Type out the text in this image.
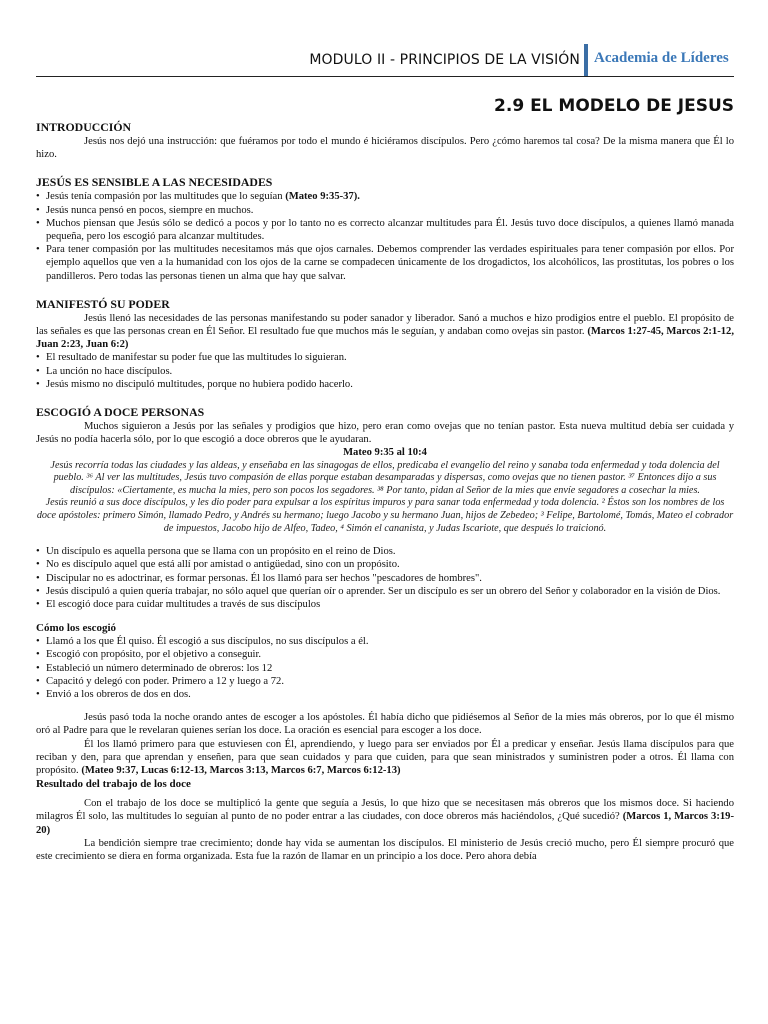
MODULO II - PRINCIPIOS DE LA VISIÓN Academia de Líderes
2.9 EL MODELO DE JESUS
INTRODUCCIÓN

Jesús nos dejó una instrucción: que fuéramos por todo el mundo é hiciéramos discípulos. Pero ¿cómo haremos tal cosa? De la misma manera que Él lo hizo.

JESÚS ES SENSIBLE A LAS NECESIDADES
• Jesús tenía compasión por las multitudes que lo seguían (Mateo 9:35-37).
• Jesús nunca pensó en pocos, siempre en muchos.
• Muchos piensan que Jesús sólo se dedicó a pocos y por lo tanto no es correcto alcanzar multitudes para Él. Jesús tuvo doce discípulos, a quienes llamó manada pequeña, pero los escogió para alcanzar multitudes.
• Para tener compasión por las multitudes necesitamos más que ojos carnales. Debemos comprender las verdades espirituales para tener compasión por ellos. Por ejemplo aquellos que ven a la humanidad con los ojos de la carne se compadecen únicamente de los drogadictos, los alcohólicos, las prostitutas, los pobres o los pandilleros. Pero todas las personas tienen un alma que hay que salvar.
MANIFESTÓ SU PODER

Jesús llenó las necesidades de las personas manifestando su poder sanador y liberador. Sanó a muchos e hizo prodigios entre el pueblo. El propósito de las señales es que las personas crean en Él Señor. El resultado fue que muchos más le seguían, y andaban como ovejas sin pastor. (Marcos 1:27-45, Marcos 2:1-12, Juan 2:23, Juan 6:2)

• El resultado de manifestar su poder fue que las multitudes lo siguieran.
• La unción no hace discípulos.
• Jesús mismo no discipuló multitudes, porque no hubiera podido hacerlo.
ESCOGIÓ A DOCE PERSONAS

Muchos siguieron a Jesús por las señales y prodigios que hizo, pero eran como ovejas que no tenían pastor. Esta nueva multitud debía ser cuidada y Jesús no podía hacerla sólo, por lo que escogió a doce obreros que le ayudaran.

Mateo 9:35 al 10:4

Jesús recorría todas las ciudades y las aldeas, y enseñaba en las sinagogas de ellos, predicaba el evangelio del reino y sanaba toda enfermedad y toda dolencia del pueblo. ³⁶ Al ver las multitudes, Jesús tuvo compasión de ellas porque estaban desamparadas y dispersas, como ovejas que no tienen pastor. ³⁷ Entonces dijo a sus discípulos: «Ciertamente, es mucha la mies, pero son pocos los segadores. ³⁸ Por tanto, pidan al Señor de la mies que envíe segadores a cosechar la mies.

Jesús reunió a sus doce discípulos, y les dio poder para expulsar a los espíritus impuros y para sanar toda enfermedad y toda dolencia. ² Éstos son los nombres de los doce apóstoles: primero Simón, llamado Pedro, y Andrés su hermano; luego Jacobo y su hermano Juan, hijos de Zebedeo; ³ Felipe, Bartolomé, Tomás, Mateo el cobrador de impuestos, Jacobo hijo de Alfeo, Tadeo, ⁴ Simón el cananista, y Judas Iscariote, que después lo traicionó.

• Un discípulo es aquella persona que se llama con un propósito en el reino de Dios.
• No es discípulo aquel que está allí por amistad o antigüedad, sino con un propósito.
• Discipular no es adoctrinar, es formar personas. Él los llamó para ser hechos "pescadores de hombres".
• Jesús discipuló a quien quería trabajar, no sólo aquel que querían oír o aprender. Ser un discípulo es ser un obrero del Señor y colaborador en la visión de Dios.
• El escogió doce para cuidar multitudes a través de sus discípulos
Cómo los escogió
• Llamó a los que Él quiso. Él escogió a sus discípulos, no sus discípulos a él.
• Escogió con propósito, por el objetivo a conseguir.
• Estableció un número determinado de obreros: los 12
• Capacitó y delegó con poder. Primero a 12 y luego a 72.
• Envió a los obreros de dos en dos.

Jesús pasó toda la noche orando antes de escoger a los apóstoles. Él había dicho que pidiésemos al Señor de la mies más obreros, por lo que él mismo oró al Padre para que le revelaran quienes serían los doce. La oración es esencial para escoger a los doce.

Él los llamó primero para que estuviesen con Él, aprendiendo, y luego para ser enviados por Él a predicar y enseñar. Jesús llama discípulos para que reciban y den, para que aprendan y enseñen, para que sean cuidados y para que cuiden, para que sean ministrados y suministren poder a otros. Él llama con propósito. (Mateo 9:37, Lucas 6:12-13, Marcos 3:13, Marcos 6:7, Marcos 6:12-13)

Resultado del trabajo de los doce

Con el trabajo de los doce se multiplicó la gente que seguía a Jesús, lo que hizo que se necesitasen más obreros que los mismos doce. Si haciendo milagros Él solo, las multitudes lo seguían al punto de no poder entrar a las ciudades, con doce obreros más haciéndolos, ¿Qué sucedió? (Marcos 1, Marcos 3:19-20)

La bendición siempre trae crecimiento; donde hay vida se aumentan los discípulos. El ministerio de Jesús creció mucho, pero Él siempre procuró que este crecimiento se diera en forma organizada. Esta fue la razón de llamar en un principio a los doce. Pero ahora debía
